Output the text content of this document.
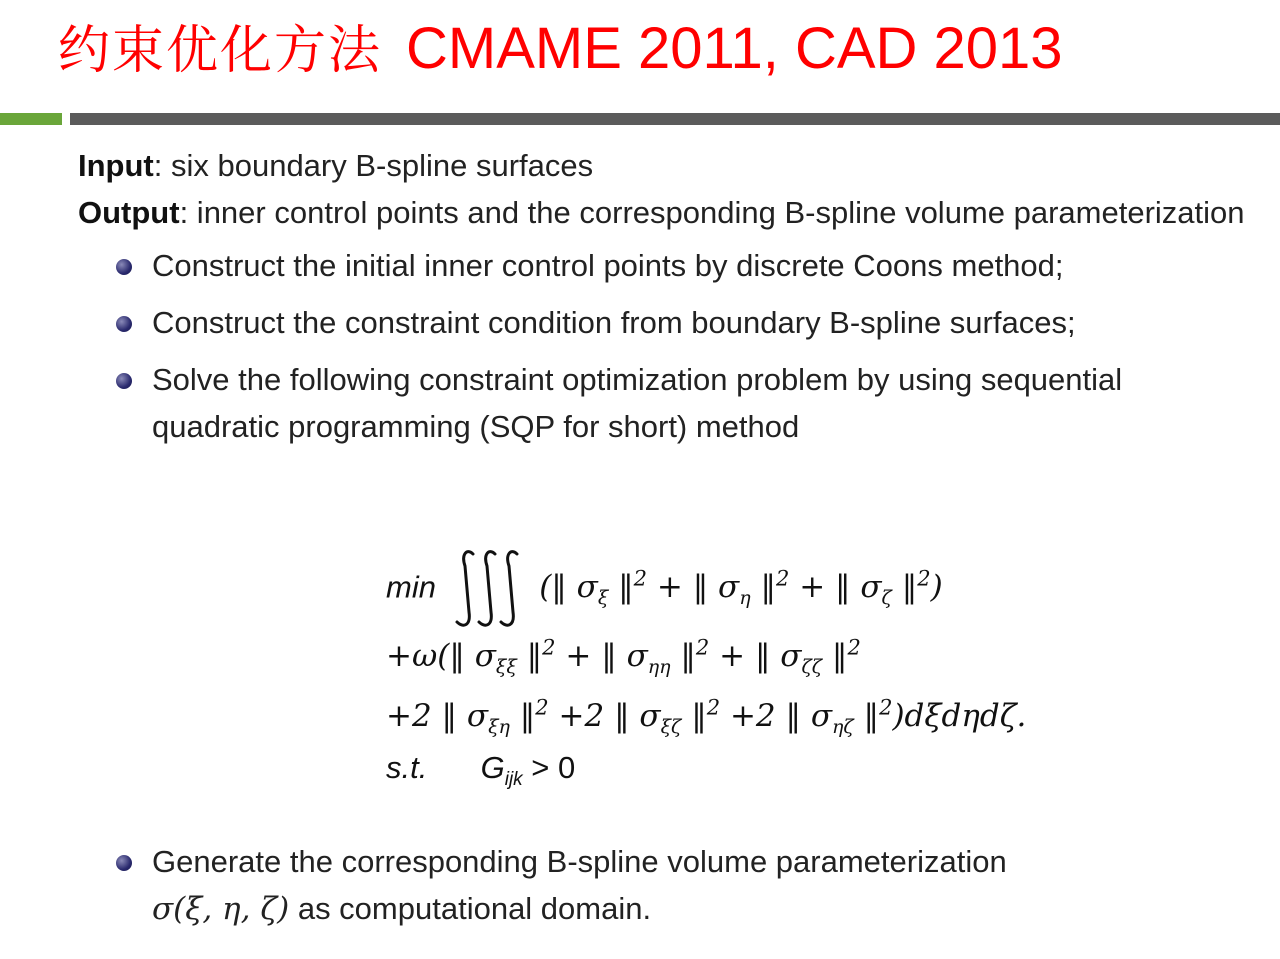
约束优化方法 CMAME 2011, CAD 2013

Input: six boundary B-spline surfaces

Output: inner control points and the corresponding B-spline volume parameterization

Construct the initial inner control points by discrete Coons method;
Construct the constraint condition from boundary B-spline surfaces;
Solve the following constraint optimization problem by using sequential quadratic programming (SQP for short) method
min	(‖ $\sigma_\xi$ ‖$^2$ + ‖ $\sigma_\eta$ ‖$^2$ + ‖ $\sigma_\zeta$ ‖$^2$)
+ω(‖ $\sigma_{\xi\xi}$ ‖$^2$ + ‖ $\sigma_{\eta\eta}$ ‖$^2$ + ‖ $\sigma_{\zeta\zeta}$ ‖$^2$
+2 ‖ $\sigma_{\xi\eta}$ ‖$^2$ +2 ‖ $\sigma_{\xi\zeta}$ ‖$^2$ +2 ‖ $\sigma_{\eta\zeta}$ ‖$^2$)dξdηdζ.
s.t. $G_{ijk} > 0$
Generate the corresponding B-spline volume parameterization
σ(ξ, η, ζ) as computational domain.
